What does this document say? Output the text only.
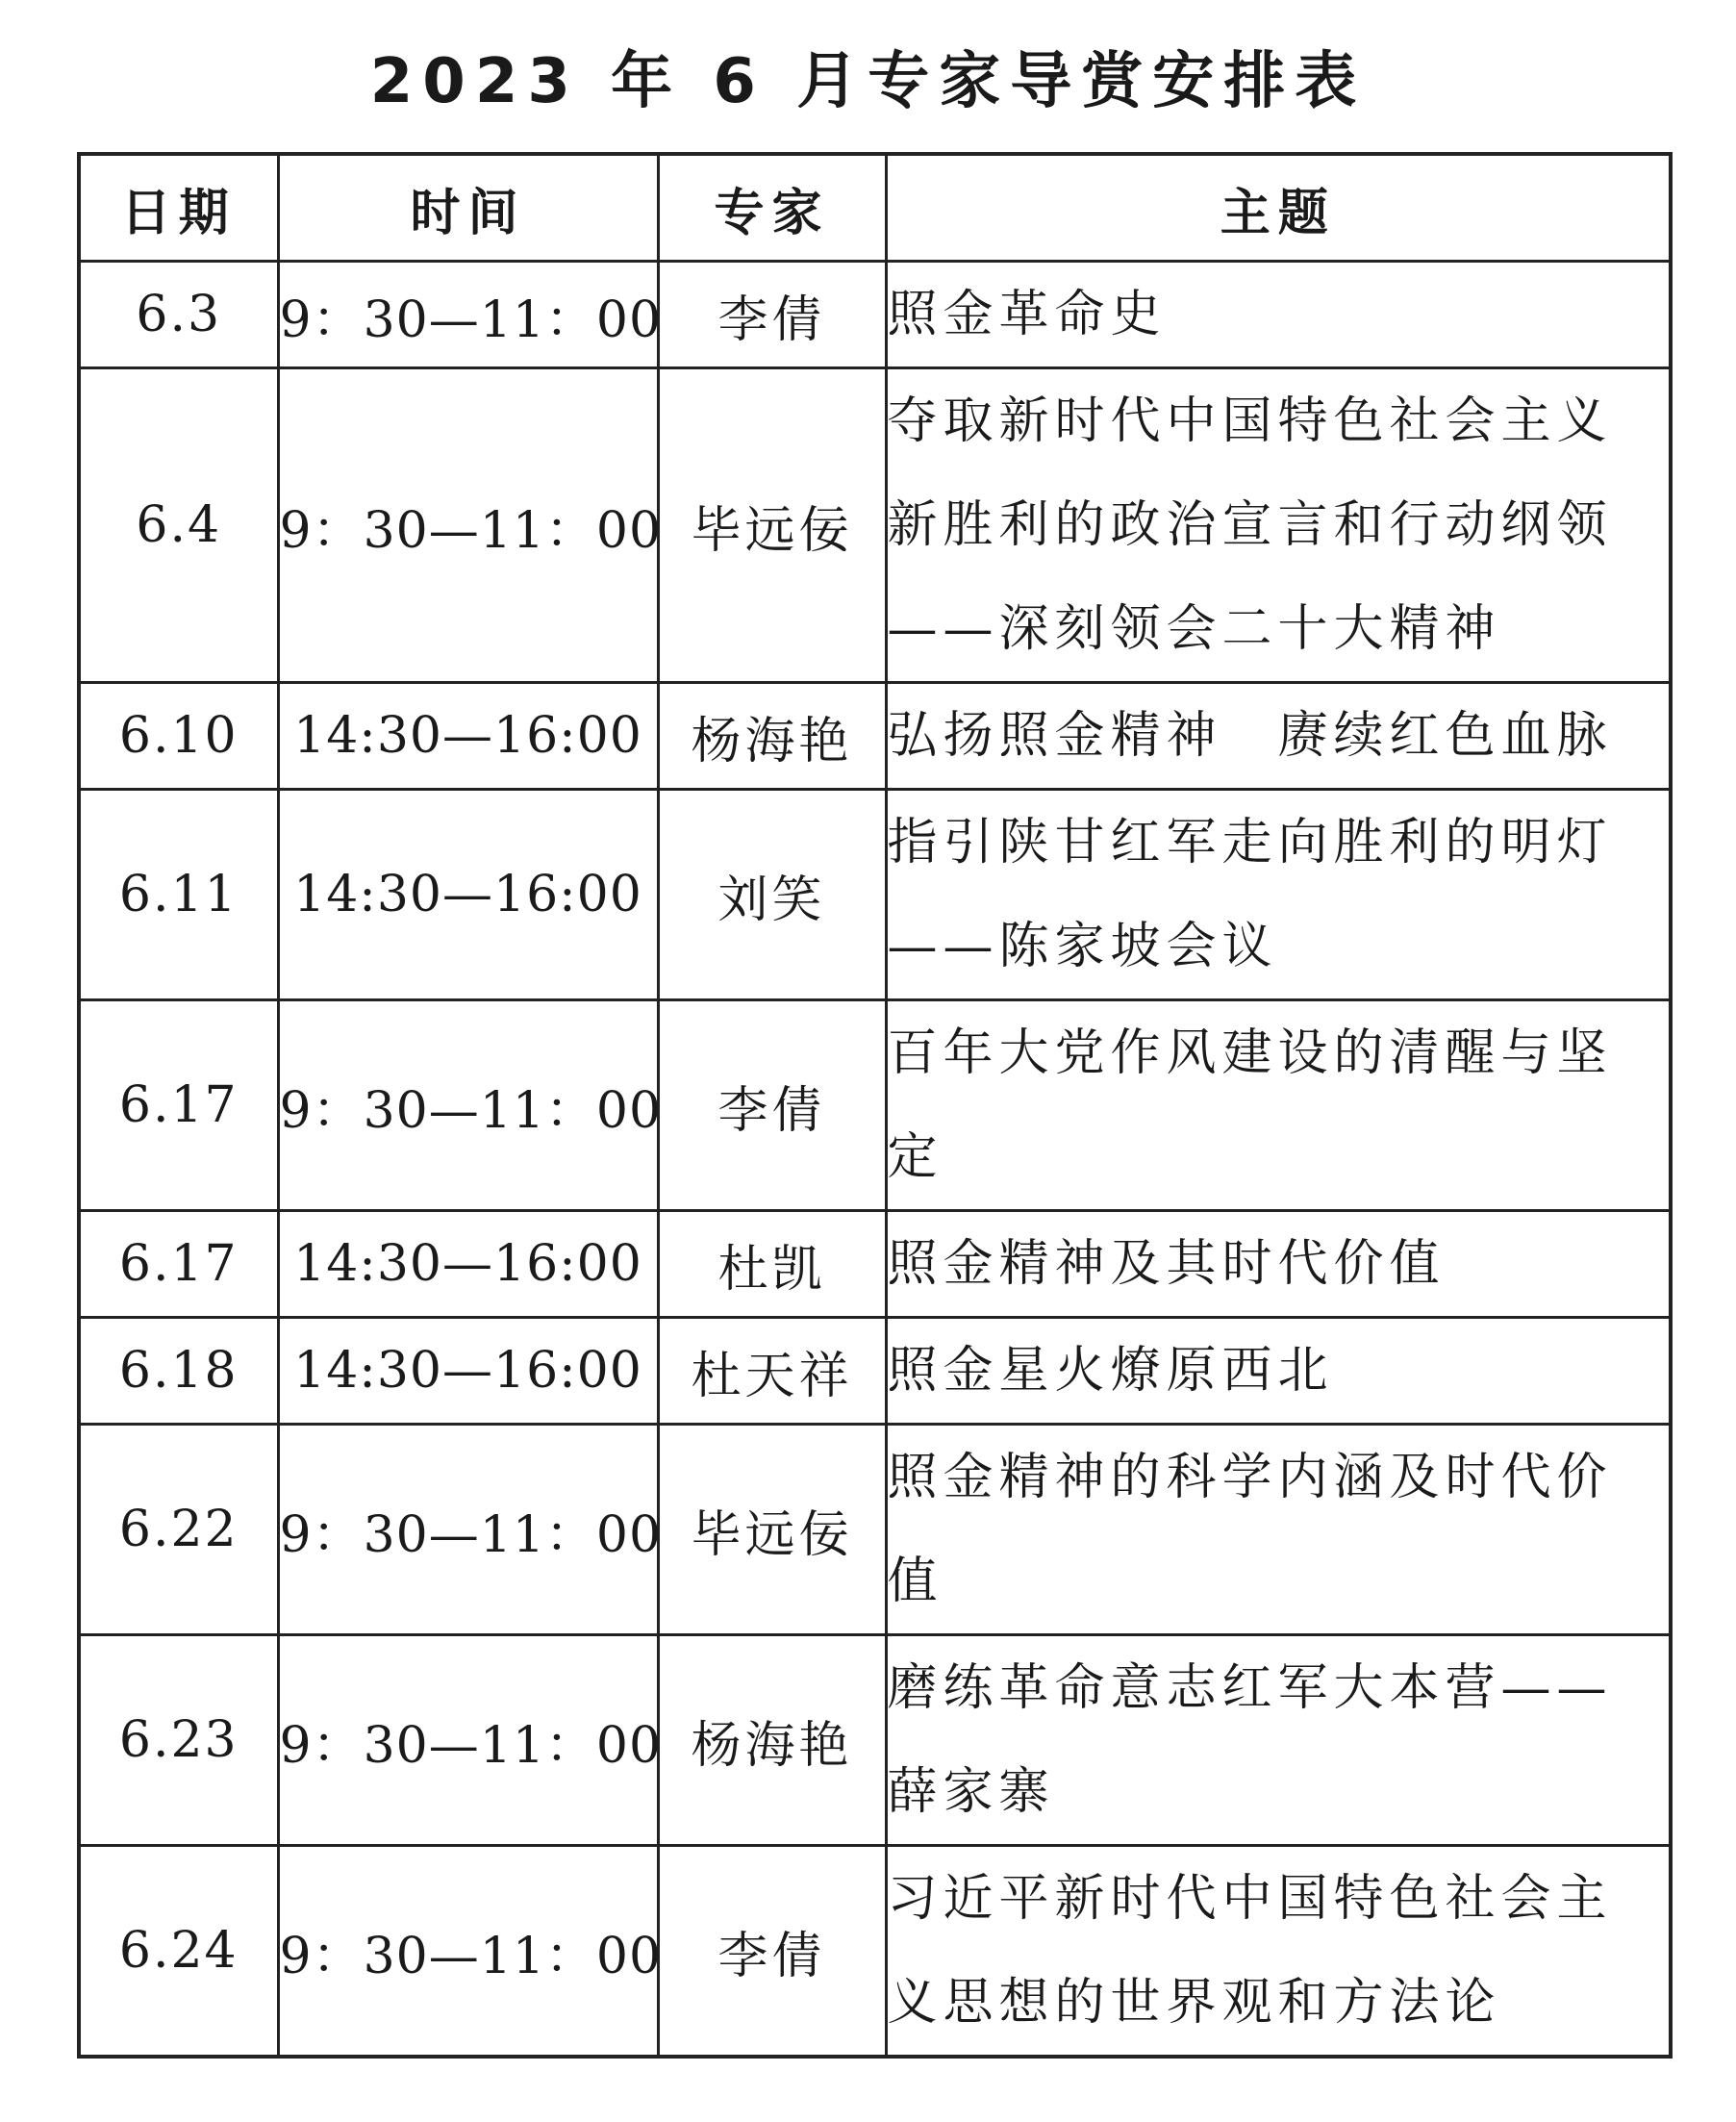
2023 年 6 月专家导赏安排表
日期	时间	专家	主题
6.3	9：30—11：00	李倩	照金革命史

6.4	9：30—11：00	毕远佞	夺取新时代中国特色社会主义
新胜利的政治宣言和行动纲领
——深刻领会二十大精神

6.10	14:30—16:00	杨海艳	弘扬照金精神　赓续红色血脉

6.11	14:30—16:00	刘笑	指引陕甘红军走向胜利的明灯
——陈家坡会议

6.17	9：30—11：00	李倩	百年大党作风建设的清醒与坚
定

6.17	14:30—16:00	杜凯	照金精神及其时代价值

6.18	14:30—16:00	杜天祥	照金星火燎原西北

6.22	9：30—11：00	毕远佞	照金精神的科学内涵及时代价
值

6.23	9：30—11：00	杨海艳	磨练革命意志红军大本营——
薛家寨

6.24	9：30—11：00	李倩	习近平新时代中国特色社会主
义思想的世界观和方法论
